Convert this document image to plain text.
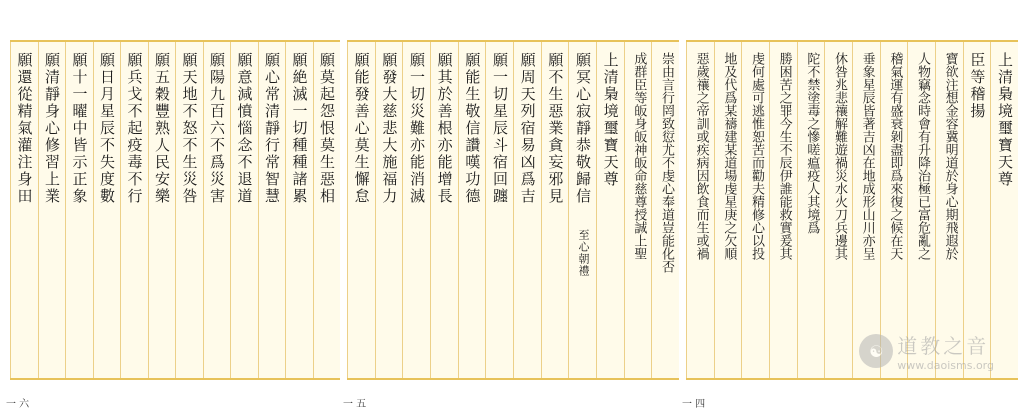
願還從精氣灌注身田 願清靜身心修習上業 願十一曜中皆示正象 願日月星辰不失度數 願兵戈不起疫毒不行 願五穀豐熟人民安樂 願天地不怒不生災咎 願陽九百六不爲災害 願意減憤惱念不退道 願心常清靜行常智慧 願絶滅一切種種諸累 願莫起怨恨莫生惡相	願能發善心莫生懈怠 願發大慈悲大施福力 願一切災難亦能消滅 願其於善根亦能增長 願能生敬信讚嘆功德 願一切星辰斗宿回躔 願周天列宿易凶爲吉 願不生惡業貪妄邪見 願冥心寂靜恭敬歸信至心朝禮
上清梟境璽寶天尊 成群臣等皈身皈神皈命慈尊授誠上聖 崇由言行罔致愆尤不虔心奉道豈能化否	惡歲禳之帝訓或疾病因飲食而生或禍 地及代爲某禱建某道場虔星庚之欠順 虔何處可逃惟恕苦而勸夫精修心以投 勝困苦之罪今生不辰伊誰能救實爰其 陀不禁塗毒之慘嗟瘟疫人其境爲 休咎兆悲禳解難遊禍災水火刀兵邊其 垂象星辰皆著吉凶在地成形山川亦呈 稽氣運有盛衰剝盡即爲來復之候在天 人物竊念時會有升降治極已富危亂之 寶欲注想金容冀明道於身心期飛遐於 臣等稽揚 上清梟境璽寶天尊
一 六	一 五	一 四
☯ 道教之音
www.daoisms.org
